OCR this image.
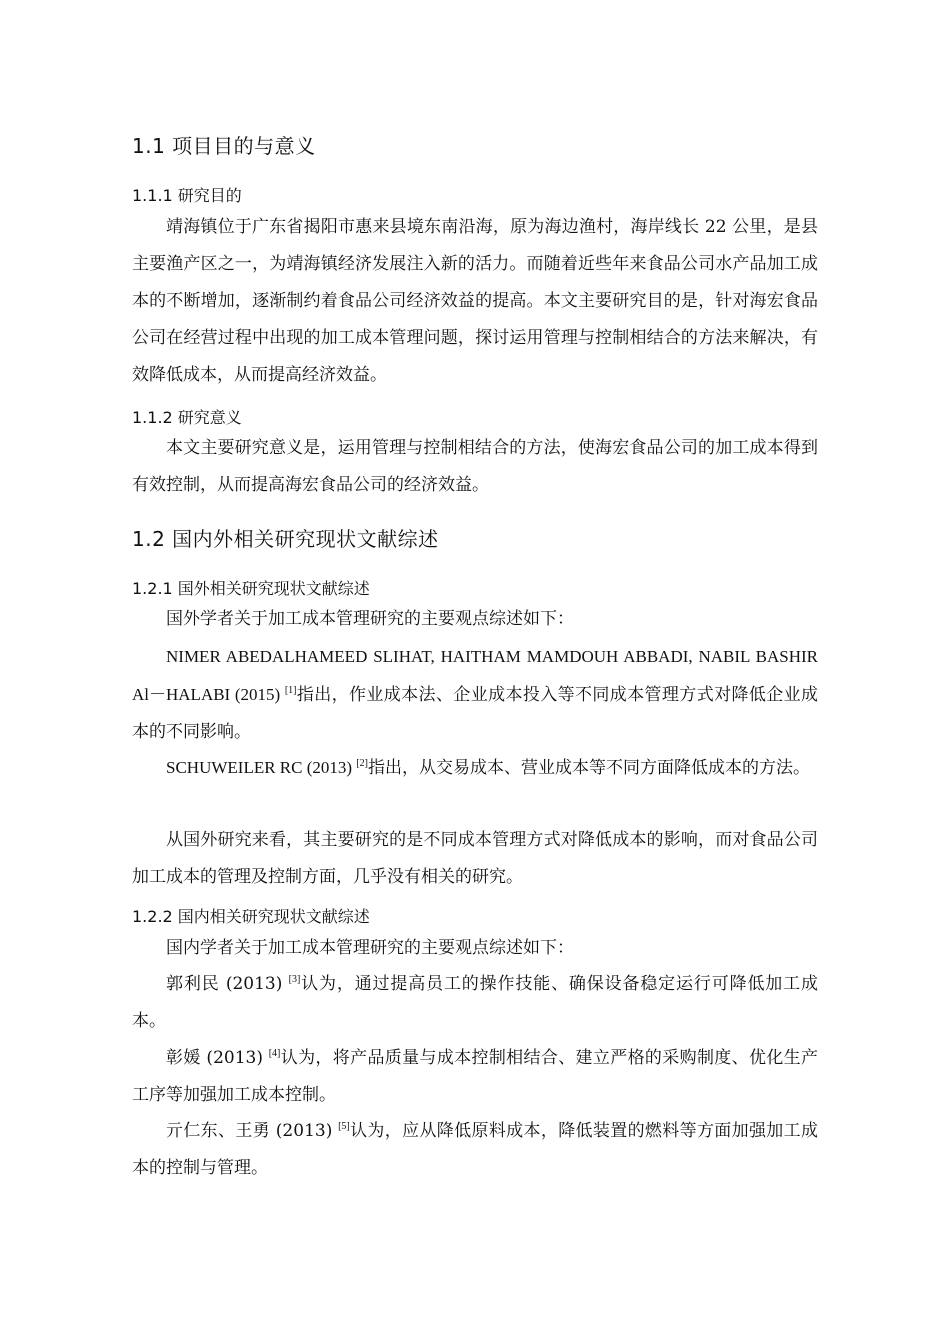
1.1 项目目的与意义
1.1.1 研究目的

靖海镇位于广东省揭阳市惠来县境东南沿海，原为海边渔村，海岸线长 22 公里，是县主要渔产区之一，为靖海镇经济发展注入新的活力。而随着近些年来食品公司水产品加工成本的不断增加，逐渐制约着食品公司经济效益的提高。本文主要研究目的是，针对海宏食品公司在经营过程中出现的加工成本管理问题，探讨运用管理与控制相结合的方法来解决，有效降低成本，从而提高经济效益。

1.1.2 研究意义

本文主要研究意义是，运用管理与控制相结合的方法，使海宏食品公司的加工成本得到有效控制，从而提高海宏食品公司的经济效益。

1.2 国内外相关研究现状文献综述
1.2.1 国外相关研究现状文献综述

国外学者关于加工成本管理研究的主要观点综述如下：

NIMER ABEDALHAMEED SLIHAT, HAITHAM MAMDOUH ABBADI, NABIL BASHIR Al－HALABI (2015) [1]指出，作业成本法、企业成本投入等不同成本管理方式对降低企业成本的不同影响。

SCHUWEILER RC (2013) [2]指出，从交易成本、营业成本等不同方面降低成本的方法。

从国外研究来看，其主要研究的是不同成本管理方式对降低成本的影响，而对食品公司加工成本的管理及控制方面，几乎没有相关的研究。

1.2.2 国内相关研究现状文献综述

国内学者关于加工成本管理研究的主要观点综述如下：

郭利民 (2013) [3]认为，通过提高员工的操作技能、确保设备稳定运行可降低加工成本。

彰媛 (2013) [4]认为，将产品质量与成本控制相结合、建立严格的采购制度、优化生产工序等加强加工成本控制。

亓仁东、王勇 (2013) [5]认为，应从降低原料成本，降低装置的燃料等方面加强加工成本的控制与管理。
